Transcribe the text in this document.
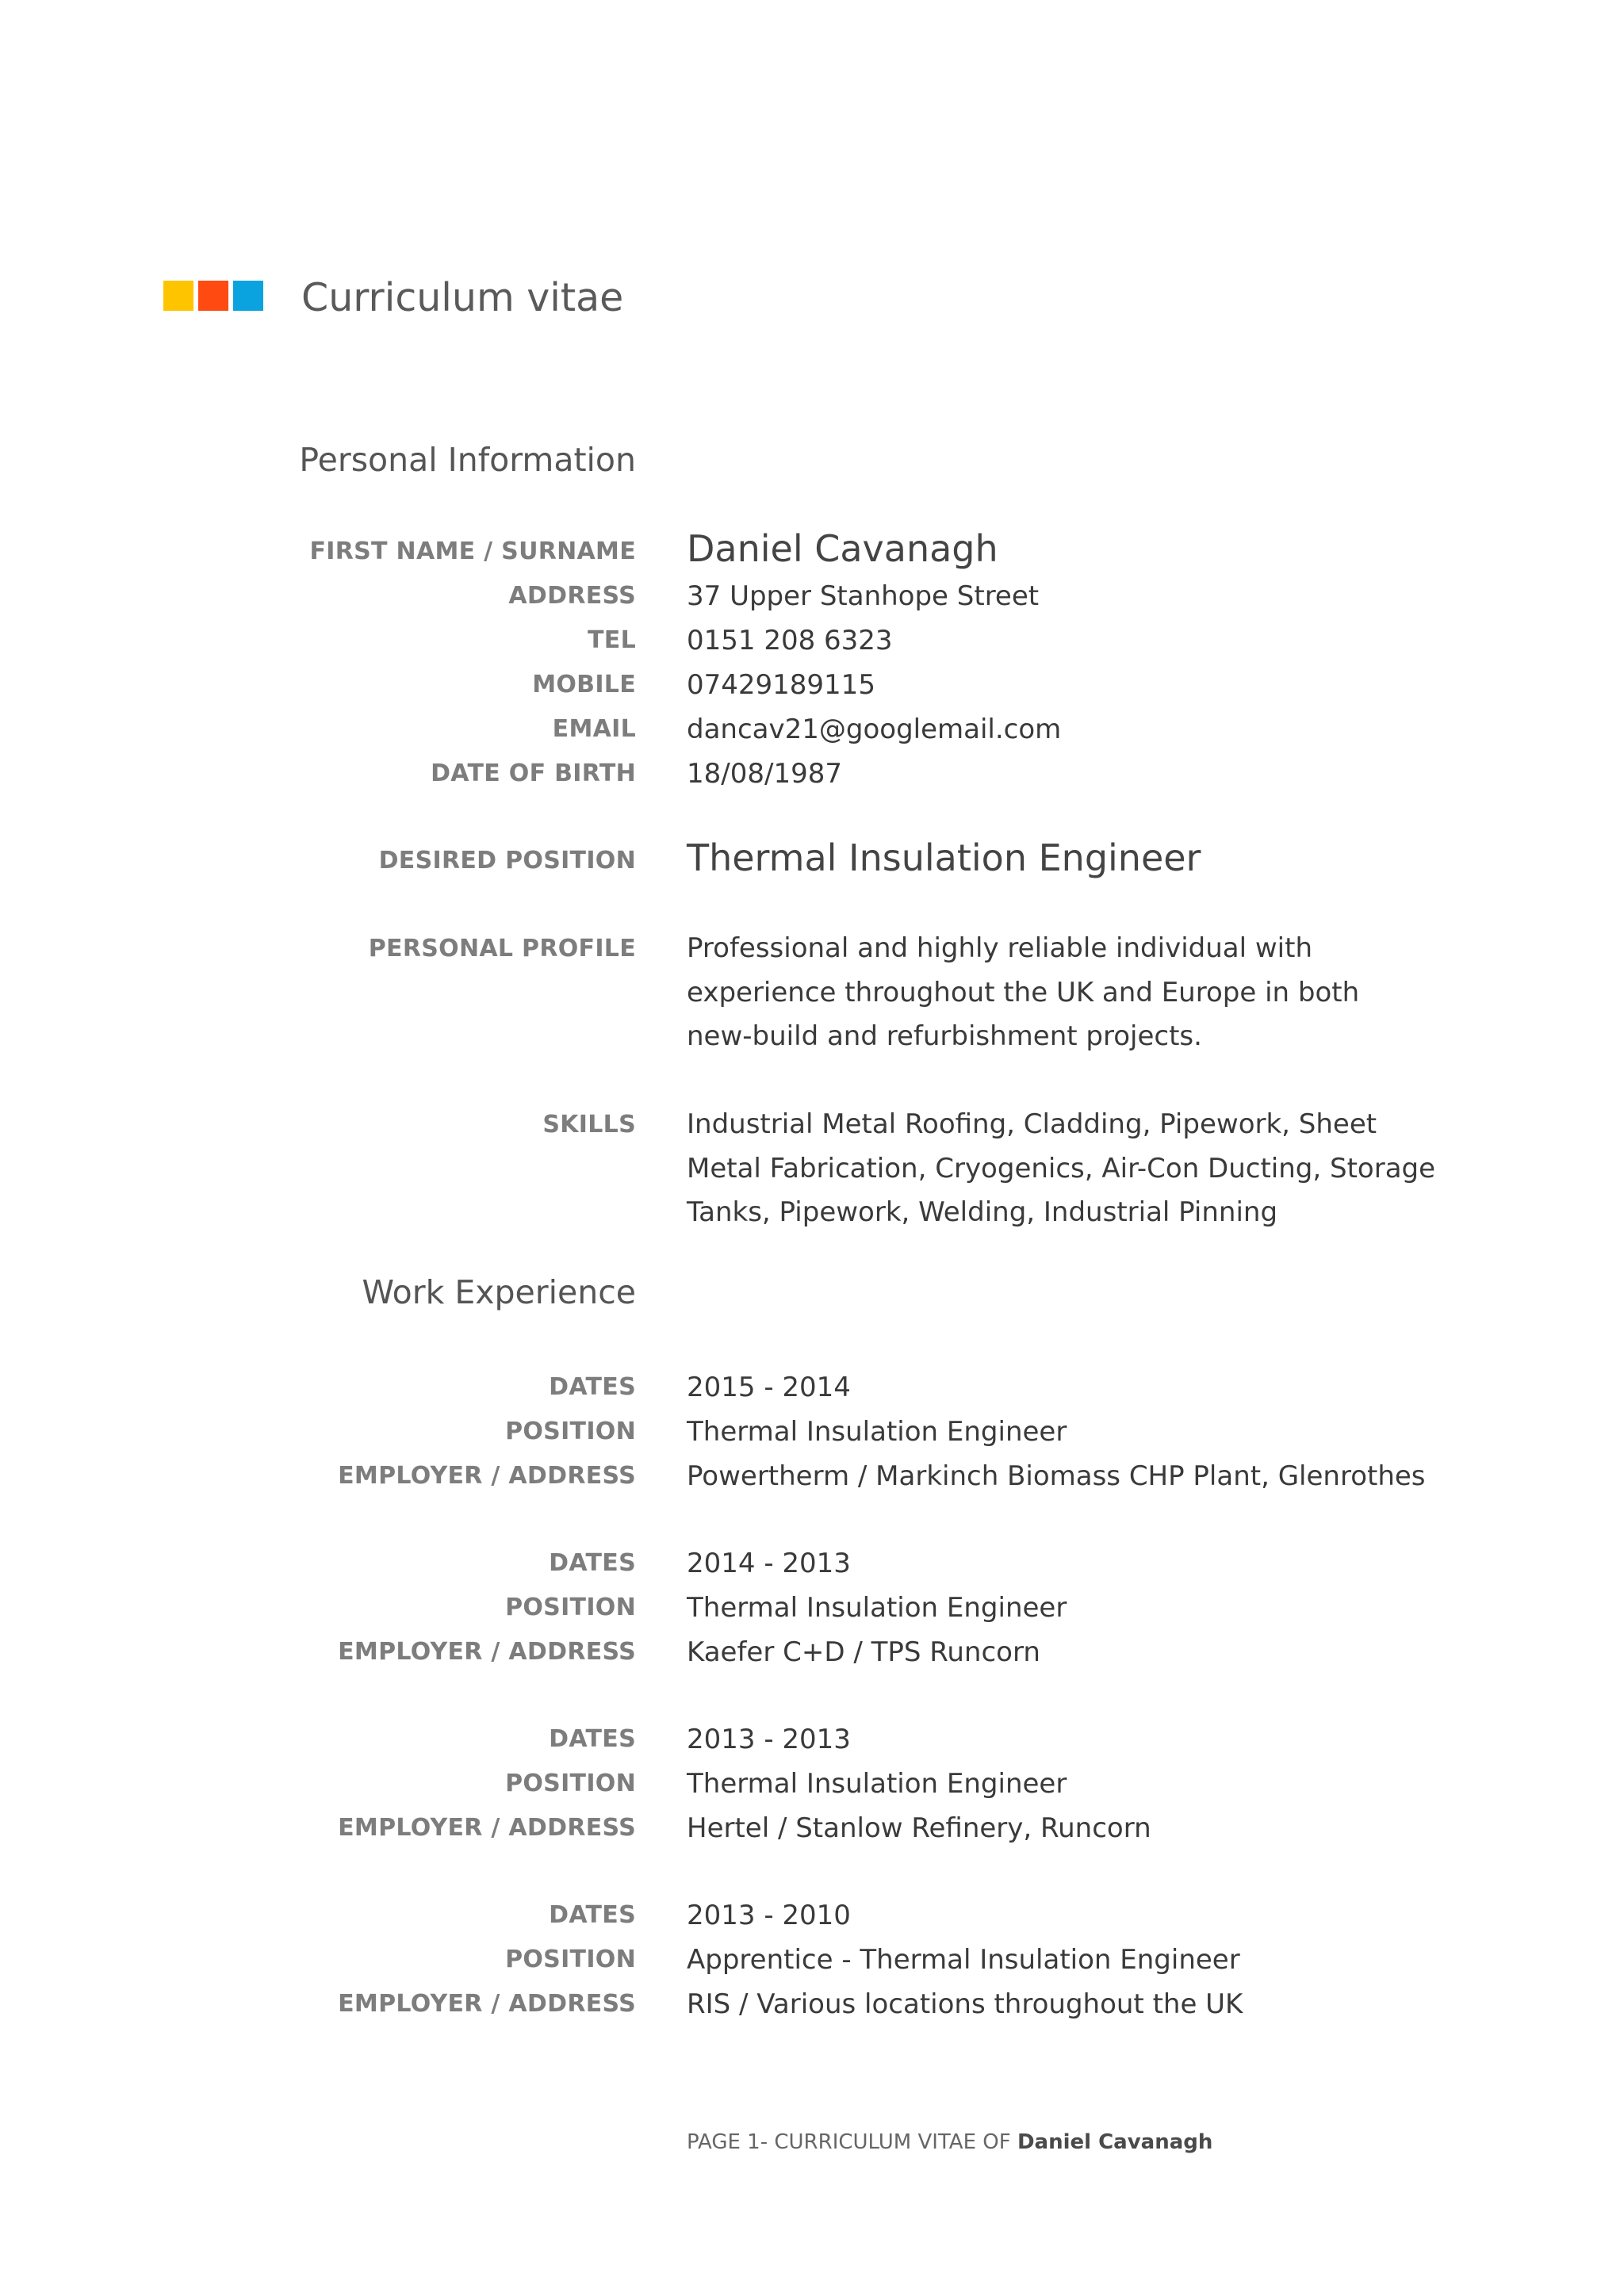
Curriculum vitae
Personal Information
FIRST NAME / SURNAME Daniel Cavanagh
ADDRESS 37 Upper Stanhope Street
TEL 0151 208 6323
MOBILE 07429189115
EMAIL dancav21@googlemail.com
DATE OF BIRTH 18/08/1987
DESIRED POSITION Thermal Insulation Engineer
PERSONAL PROFILE Professional and highly reliable individual with
experience throughout the UK and Europe in both
new-build and refurbishment projects.
SKILLS Industrial Metal Roofing, Cladding, Pipework, Sheet
Metal Fabrication, Cryogenics, Air-Con Ducting, Storage
Tanks, Pipework, Welding, Industrial Pinning
Work Experience
DATES 2015 - 2014
POSITION Thermal Insulation Engineer
EMPLOYER / ADDRESS Powertherm / Markinch Biomass CHP Plant, Glenrothes
DATES 2014 - 2013
POSITION Thermal Insulation Engineer
EMPLOYER / ADDRESS Kaefer C+D / TPS Runcorn
DATES 2013 - 2013
POSITION Thermal Insulation Engineer
EMPLOYER / ADDRESS Hertel / Stanlow Refinery, Runcorn
DATES 2013 - 2010
POSITION Apprentice - Thermal Insulation Engineer
EMPLOYER / ADDRESS RIS / Various locations throughout the UK
PAGE 1- CURRICULUM VITAE OF Daniel Cavanagh
